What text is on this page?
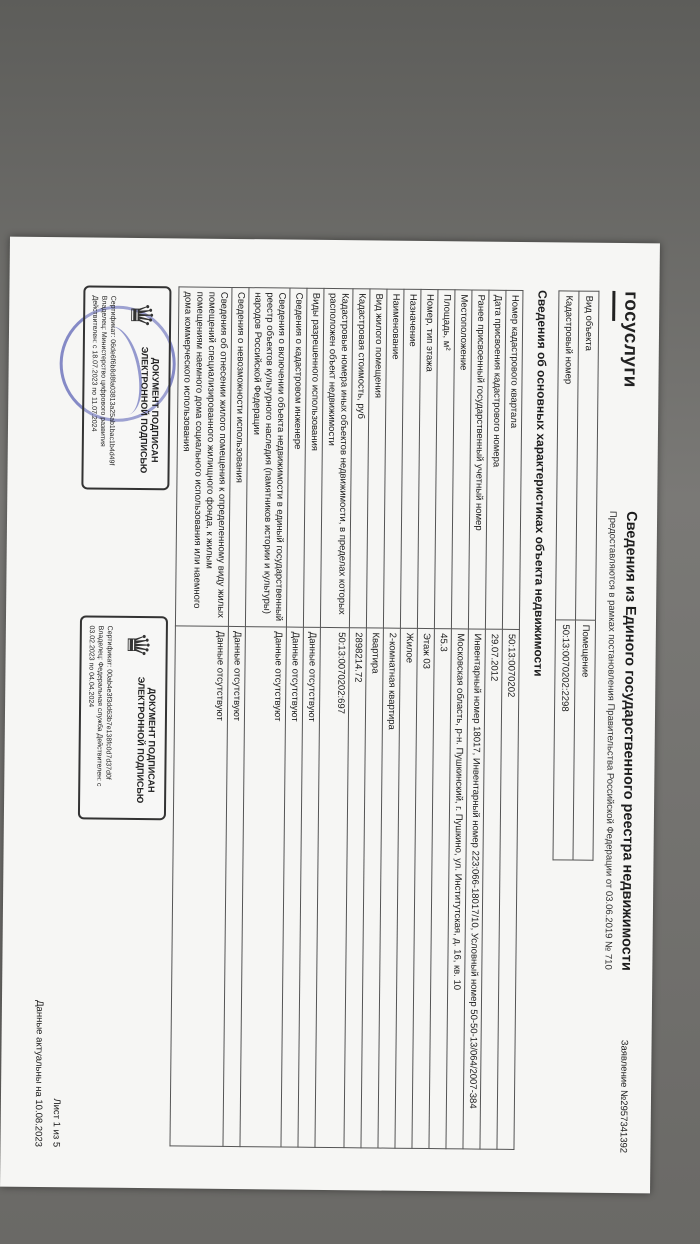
госуслуги
Сведения из Единого государственного реестра недвижимости
Предоставляются в рамках постановления Правительства Российской Федерации от 03.06.2019 № 710
Заявление №2957341392
Вид объекта	Помещение
Кадастровый номер	50:13:0070202:2298
Сведения об основных характеристиках объекта недвижимости
Номер кадастрового квартала	50:13:0070202
Дата присвоения кадастрового номера	29.07.2012
Ранее присвоенный государственный учетный номер	Инвентарный номер 18017, Инвентарный номер 223:066-18017/10, Условный номер 50-50-13/064/2007-384
Местоположение	Московская область, р-н. Пушкинский, г. Пушкино, ул. Институтская, д. 16, кв. 10
Площадь, м²	45.3
Номер, тип этажа	Этаж 03
Назначение	Жилое
Наименование	2-комнатная квартира
Вид жилого помещения	Квартира
Кадастровая стоимость, руб	2898214.72
Кадастровые номера иных объектов недвижимости, в пределах которых расположен объект недвижимости	50:13:0070202:697
Виды разрешенного использования	Данные отсутствуют
Сведения о кадастровом инженере	Данные отсутствуют
Сведения о включении объекта недвижимости в единый государственный реестр объектов культурного наследия (памятников истории и культуры) народов Российской Федерации	Данные отсутствуют
Сведения о невозможности использования	Данные отсутствуют
Сведения об отнесении жилого помещения к определенному виду жилых помещений специализированного жилищного фонда, к жилым помещениям наемного дома социального использования или наемного дома коммерческого использования	Данные отсутствуют
♛
ДОКУМЕНТ ПОДПИСАН ЭЛЕКТРОННОЙ ПОДПИСЬЮ
Сертификат: 06de6f6b8d8fa03813a25ab1bac1b4d49f Владелец: Министерство цифрового развития Действителен: с 18.07.2023 по 11.07.2024
♛
ДОКУМЕНТ ПОДПИСАН ЭЛЕКТРОННОЙ ПОДПИСЬЮ
Сертификат: 00ab4e3f3dd63b7e138fc0d7d37d0f Владелец: Федеральная служба Действителен: с 03.02.2023 по 04.04.2024
Лист 1 из 5
Данные актуальны на 10.08.2023
